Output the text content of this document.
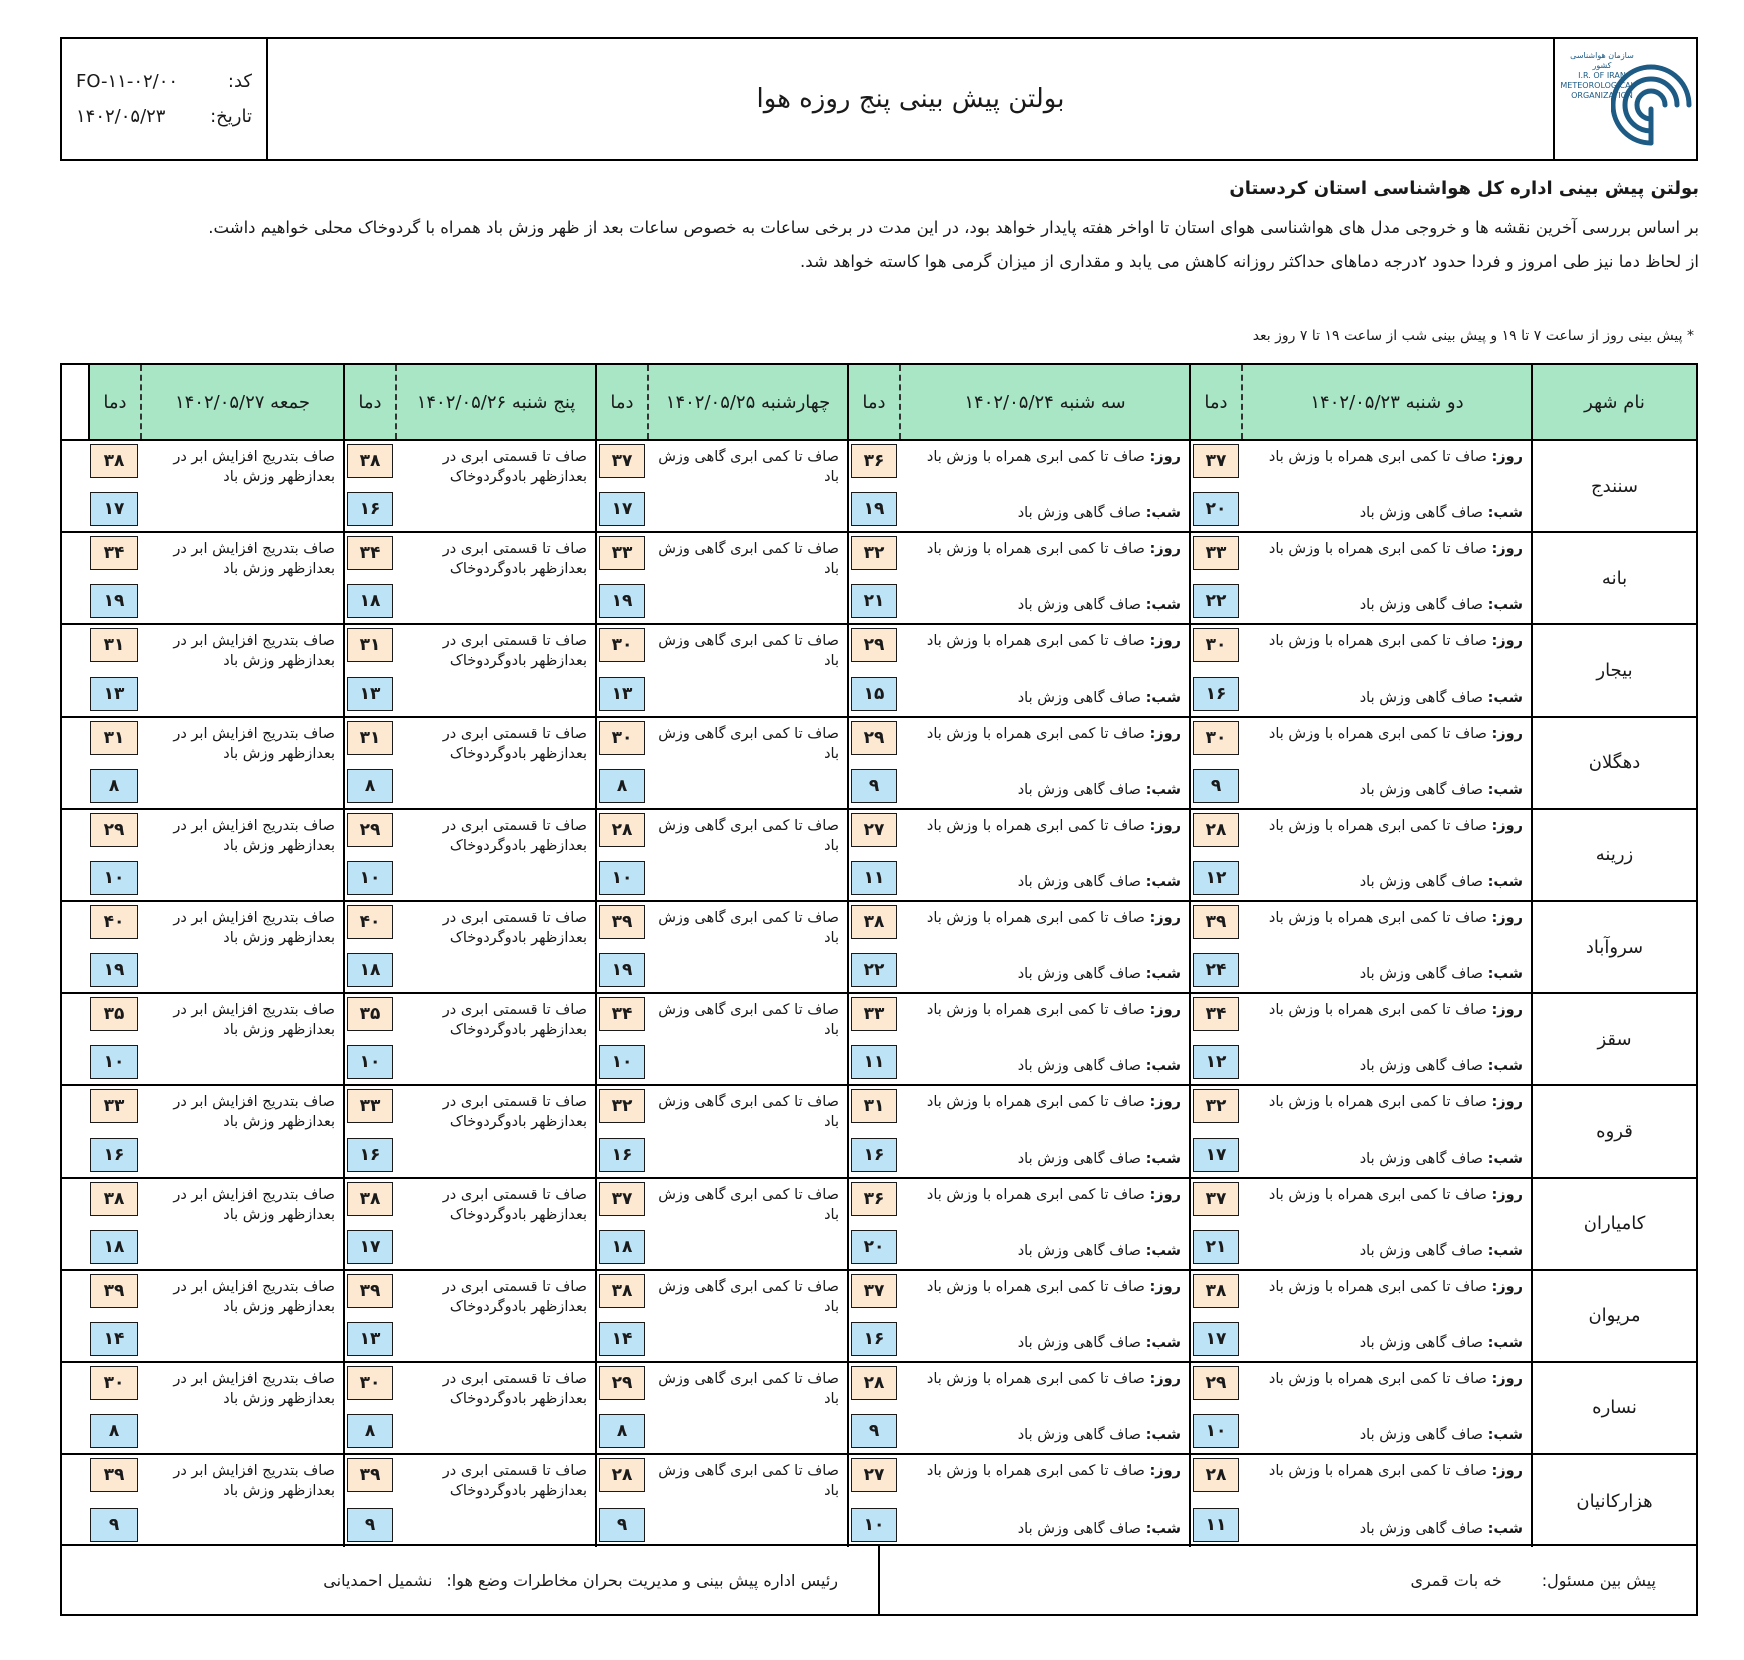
سازمان هواشناسی کشور
I.R. OF IRAN
METEOROLOGICAL
ORGANIZATION
بولتن پیش بینی پنج روزه هوا
کد:
FO-۱۱-۰۲/۰۰
تاریخ:
۱۴۰۲/۰۵/۲۳
بولتن پیش بینی اداره کل هواشناسی استان کردستان
بر اساس بررسی آخرین نقشه ها و خروجی مدل های هواشناسی هوای استان تا اواخر هفته پایدار خواهد بود، در این مدت در برخی ساعات به خصوص ساعات بعد از ظهر وزش باد همراه با گردوخاک محلی خواهیم داشت.
از لحاظ دما نیز طی امروز و فردا حدود ۲درجه دماهای حداکثر روزانه کاهش می یابد و مقداری از میزان گرمی هوا کاسته خواهد شد.
* پیش بینی روز از ساعت ۷ تا ۱۹ و پیش بینی شب از ساعت ۱۹ تا ۷ روز بعد
نام شهر
دو شنبه ۱۴۰۲/۰۵/۲۳
دما
سه شنبه ۱۴۰۲/۰۵/۲۴
دما
چهارشنبه ۱۴۰۲/۰۵/۲۵
دما
پنج شنبه ۱۴۰۲/۰۵/۲۶
دما
جمعه ۱۴۰۲/۰۵/۲۷
دما
سنندج
روز: صاف تا کمی ابری همراه با وزش باد
شب: صاف گاهی وزش باد
۳۷
۲۰
روز: صاف تا کمی ابری همراه با وزش باد
شب: صاف گاهی وزش باد
۳۶
۱۹
صاف تا کمی ابری گاهی وزش باد
۳۷
۱۷
صاف تا قسمتی ابری در بعدازظهر بادوگردوخاک
۳۸
۱۶
صاف بتدریج افزایش ابر در بعدازظهر وزش باد
۳۸
۱۷
بانه
روز: صاف تا کمی ابری همراه با وزش باد
شب: صاف گاهی وزش باد
۳۳
۲۲
روز: صاف تا کمی ابری همراه با وزش باد
شب: صاف گاهی وزش باد
۳۲
۲۱
صاف تا کمی ابری گاهی وزش باد
۳۳
۱۹
صاف تا قسمتی ابری در بعدازظهر بادوگردوخاک
۳۴
۱۸
صاف بتدریج افزایش ابر در بعدازظهر وزش باد
۳۴
۱۹
بیجار
روز: صاف تا کمی ابری همراه با وزش باد
شب: صاف گاهی وزش باد
۳۰
۱۶
روز: صاف تا کمی ابری همراه با وزش باد
شب: صاف گاهی وزش باد
۲۹
۱۵
صاف تا کمی ابری گاهی وزش باد
۳۰
۱۳
صاف تا قسمتی ابری در بعدازظهر بادوگردوخاک
۳۱
۱۳
صاف بتدریج افزایش ابر در بعدازظهر وزش باد
۳۱
۱۳
دهگلان
روز: صاف تا کمی ابری همراه با وزش باد
شب: صاف گاهی وزش باد
۳۰
۹
روز: صاف تا کمی ابری همراه با وزش باد
شب: صاف گاهی وزش باد
۲۹
۹
صاف تا کمی ابری گاهی وزش باد
۳۰
۸
صاف تا قسمتی ابری در بعدازظهر بادوگردوخاک
۳۱
۸
صاف بتدریج افزایش ابر در بعدازظهر وزش باد
۳۱
۸
زرینه
روز: صاف تا کمی ابری همراه با وزش باد
شب: صاف گاهی وزش باد
۲۸
۱۲
روز: صاف تا کمی ابری همراه با وزش باد
شب: صاف گاهی وزش باد
۲۷
۱۱
صاف تا کمی ابری گاهی وزش باد
۲۸
۱۰
صاف تا قسمتی ابری در بعدازظهر بادوگردوخاک
۲۹
۱۰
صاف بتدریج افزایش ابر در بعدازظهر وزش باد
۲۹
۱۰
سروآباد
روز: صاف تا کمی ابری همراه با وزش باد
شب: صاف گاهی وزش باد
۳۹
۲۴
روز: صاف تا کمی ابری همراه با وزش باد
شب: صاف گاهی وزش باد
۳۸
۲۲
صاف تا کمی ابری گاهی وزش باد
۳۹
۱۹
صاف تا قسمتی ابری در بعدازظهر بادوگردوخاک
۴۰
۱۸
صاف بتدریج افزایش ابر در بعدازظهر وزش باد
۴۰
۱۹
سقز
روز: صاف تا کمی ابری همراه با وزش باد
شب: صاف گاهی وزش باد
۳۴
۱۲
روز: صاف تا کمی ابری همراه با وزش باد
شب: صاف گاهی وزش باد
۳۳
۱۱
صاف تا کمی ابری گاهی وزش باد
۳۴
۱۰
صاف تا قسمتی ابری در بعدازظهر بادوگردوخاک
۳۵
۱۰
صاف بتدریج افزایش ابر در بعدازظهر وزش باد
۳۵
۱۰
قروه
روز: صاف تا کمی ابری همراه با وزش باد
شب: صاف گاهی وزش باد
۳۲
۱۷
روز: صاف تا کمی ابری همراه با وزش باد
شب: صاف گاهی وزش باد
۳۱
۱۶
صاف تا کمی ابری گاهی وزش باد
۳۲
۱۶
صاف تا قسمتی ابری در بعدازظهر بادوگردوخاک
۳۳
۱۶
صاف بتدریج افزایش ابر در بعدازظهر وزش باد
۳۳
۱۶
کامیاران
روز: صاف تا کمی ابری همراه با وزش باد
شب: صاف گاهی وزش باد
۳۷
۲۱
روز: صاف تا کمی ابری همراه با وزش باد
شب: صاف گاهی وزش باد
۳۶
۲۰
صاف تا کمی ابری گاهی وزش باد
۳۷
۱۸
صاف تا قسمتی ابری در بعدازظهر بادوگردوخاک
۳۸
۱۷
صاف بتدریج افزایش ابر در بعدازظهر وزش باد
۳۸
۱۸
مریوان
روز: صاف تا کمی ابری همراه با وزش باد
شب: صاف گاهی وزش باد
۳۸
۱۷
روز: صاف تا کمی ابری همراه با وزش باد
شب: صاف گاهی وزش باد
۳۷
۱۶
صاف تا کمی ابری گاهی وزش باد
۳۸
۱۴
صاف تا قسمتی ابری در بعدازظهر بادوگردوخاک
۳۹
۱۳
صاف بتدریج افزایش ابر در بعدازظهر وزش باد
۳۹
۱۴
نساره
روز: صاف تا کمی ابری همراه با وزش باد
شب: صاف گاهی وزش باد
۲۹
۱۰
روز: صاف تا کمی ابری همراه با وزش باد
شب: صاف گاهی وزش باد
۲۸
۹
صاف تا کمی ابری گاهی وزش باد
۲۹
۸
صاف تا قسمتی ابری در بعدازظهر بادوگردوخاک
۳۰
۸
صاف بتدریج افزایش ابر در بعدازظهر وزش باد
۳۰
۸
هزارکانیان
روز: صاف تا کمی ابری همراه با وزش باد
شب: صاف گاهی وزش باد
۲۸
۱۱
روز: صاف تا کمی ابری همراه با وزش باد
شب: صاف گاهی وزش باد
۲۷
۱۰
صاف تا کمی ابری گاهی وزش باد
۲۸
۹
صاف تا قسمتی ابری در بعدازظهر بادوگردوخاک
۳۹
۹
صاف بتدریج افزایش ابر در بعدازظهر وزش باد
۳۹
۹
پیش بین مسئول:
خه بات قمری
رئیس اداره پیش بینی و مدیریت بحران مخاطرات وضع هوا:
نشمیل احمدیانی
